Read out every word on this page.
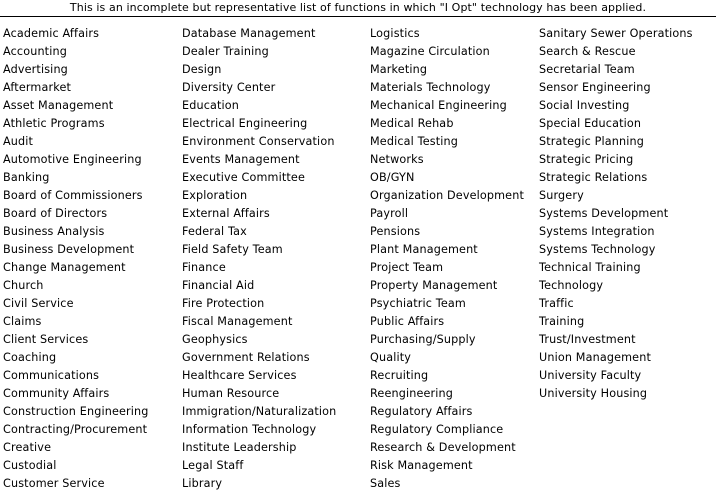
This is an incomplete but representative list of functions in which "I Opt" technology has been applied.
Academic Affairs
Accounting
Advertising
Aftermarket
Asset Management
Athletic Programs
Audit
Automotive Engineering
Banking
Board of Commissioners
Board of Directors
Business Analysis
Business Development
Change Management
Church
Civil Service
Claims
Client Services
Coaching
Communications
Community Affairs
Construction Engineering
Contracting/Procurement
Creative
Custodial
Customer Service
Database Management
Dealer Training
Design
Diversity Center
Education
Electrical Engineering
Environment Conservation
Events Management
Executive Committee
Exploration
External Affairs
Federal Tax
Field Safety Team
Finance
Financial Aid
Fire Protection
Fiscal Management
Geophysics
Government Relations
Healthcare Services
Human Resource
Immigration/Naturalization
Information Technology
Institute Leadership
Legal Staff
Library
Logistics
Magazine Circulation
Marketing
Materials Technology
Mechanical Engineering
Medical Rehab
Medical Testing
Networks
OB/GYN
Organization Development
Payroll
Pensions
Plant Management
Project Team
Property Management
Psychiatric Team
Public Affairs
Purchasing/Supply
Quality
Recruiting
Reengineering
Regulatory Affairs
Regulatory Compliance
Research & Development
Risk Management
Sales
Sanitary Sewer Operations
Search & Rescue
Secretarial Team
Sensor Engineering
Social Investing
Special Education
Strategic Planning
Strategic Pricing
Strategic Relations
Surgery
Systems Development
Systems Integration
Systems Technology
Technical Training
Technology
Traffic
Training
Trust/Investment
Union Management
University Faculty
University Housing
